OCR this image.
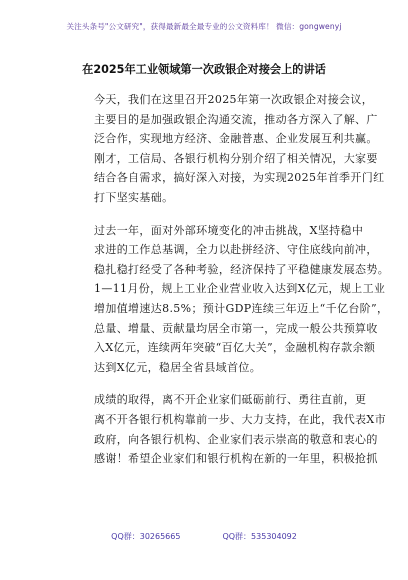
关注头条号"公文研究"，获得最新最全最专业的公文资料库！ 微信：gongwenyj
在2025年工业领域第一次政银企对接会上的讲话

今天，我们在这里召开2025年第一次政银企对接会议，
主要目的是加强政银企沟通交流，推动各方深入了解、广
泛合作，实现地方经济、金融普惠、企业发展互利共赢。
刚才，工信局、各银行机构分别介绍了相关情况，大家要
结合各自需求，搞好深入对接，为实现2025年首季开门红
打下坚实基础。

过去一年，面对外部环境变化的冲击挑战，X坚持稳中
求进的工作总基调，全力以赴拼经济、守住底线向前冲，
稳扎稳打经受了各种考验，经济保持了平稳健康发展态势。
1—11月份，规上工业企业营业收入达到X亿元，规上工业
增加值增速达8.5%；预计GDP连续三年迈上“千亿台阶”，
总量、增量、贡献量均居全市第一，完成一般公共预算收
入X亿元，连续两年突破“百亿大关”，金融机构存款余额
达到X亿元，稳居全省县域首位。

成绩的取得，离不开企业家们砥砺前行、勇往直前，更
离不开各银行机构靠前一步、大力支持，在此，我代表X市
政府，向各银行机构、企业家们表示崇高的敬意和衷心的
感谢！希望企业家们和银行机构在新的一年里，积极抢抓

QQ群：30265665	QQ群：535304092
